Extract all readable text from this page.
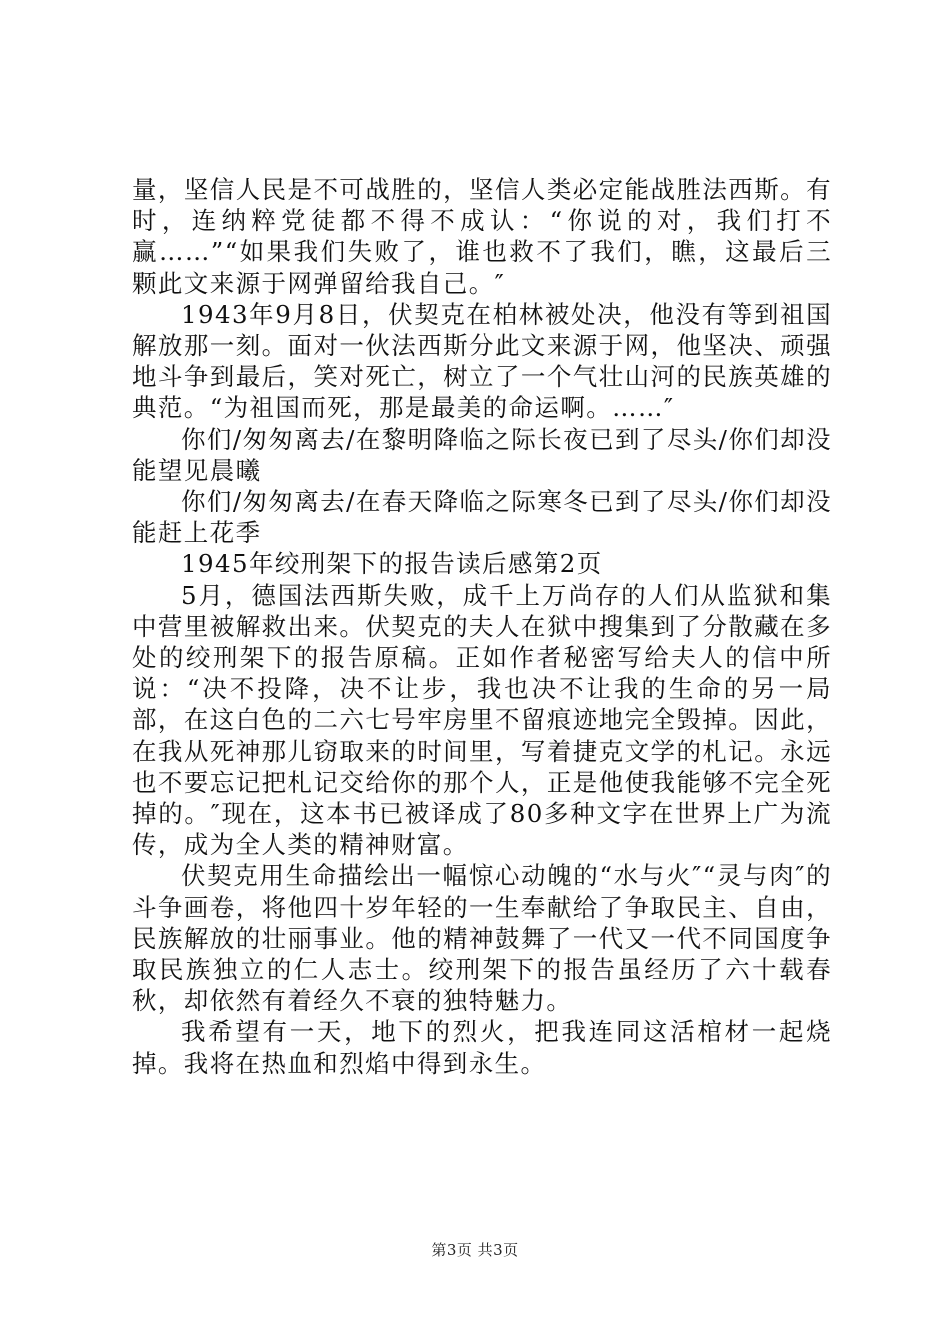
量，坚信人民是不可战胜的，坚信人类必定能战胜法西斯。有时，连纳粹党徒都不得不成认：“你说的对，我们打不赢……”“如果我们失败了，谁也救不了我们，瞧，这最后三颗此文来源于网弹留给我自己。″

1943年9月8日，伏契克在柏林被处决，他没有等到祖国解放那一刻。面对一伙法西斯分此文来源于网，他坚决、顽强地斗争到最后，笑对死亡，树立了一个气壮山河的民族英雄的典范。“为祖国而死，那是最美的命运啊。……″

你们/匆匆离去/在黎明降临之际长夜已到了尽头/你们却没能望见晨曦

你们/匆匆离去/在春天降临之际寒冬已到了尽头/你们却没能赶上花季

1945年绞刑架下的报告读后感第2页

5月，德国法西斯失败，成千上万尚存的人们从监狱和集中营里被解救出来。伏契克的夫人在狱中搜集到了分散藏在多处的绞刑架下的报告原稿。正如作者秘密写给夫人的信中所说：“决不投降，决不让步，我也决不让我的生命的另一局部，在这白色的二六七号牢房里不留痕迹地完全毁掉。因此，在我从死神那儿窃取来的时间里，写着捷克文学的札记。永远也不要忘记把札记交给你的那个人，正是他使我能够不完全死掉的。″现在，这本书已被译成了80多种文字在世界上广为流传，成为全人类的精神财富。

伏契克用生命描绘出一幅惊心动魄的“水与火″“灵与肉″的斗争画卷，将他四十岁年轻的一生奉献给了争取民主、自由，民族解放的壮丽事业。他的精神鼓舞了一代又一代不同国度争取民族独立的仁人志士。绞刑架下的报告虽经历了六十载春秋，却依然有着经久不衰的独特魅力。

我希望有一天，地下的烈火，把我连同这活棺材一起烧掉。我将在热血和烈焰中得到永生。

第3页 共3页
